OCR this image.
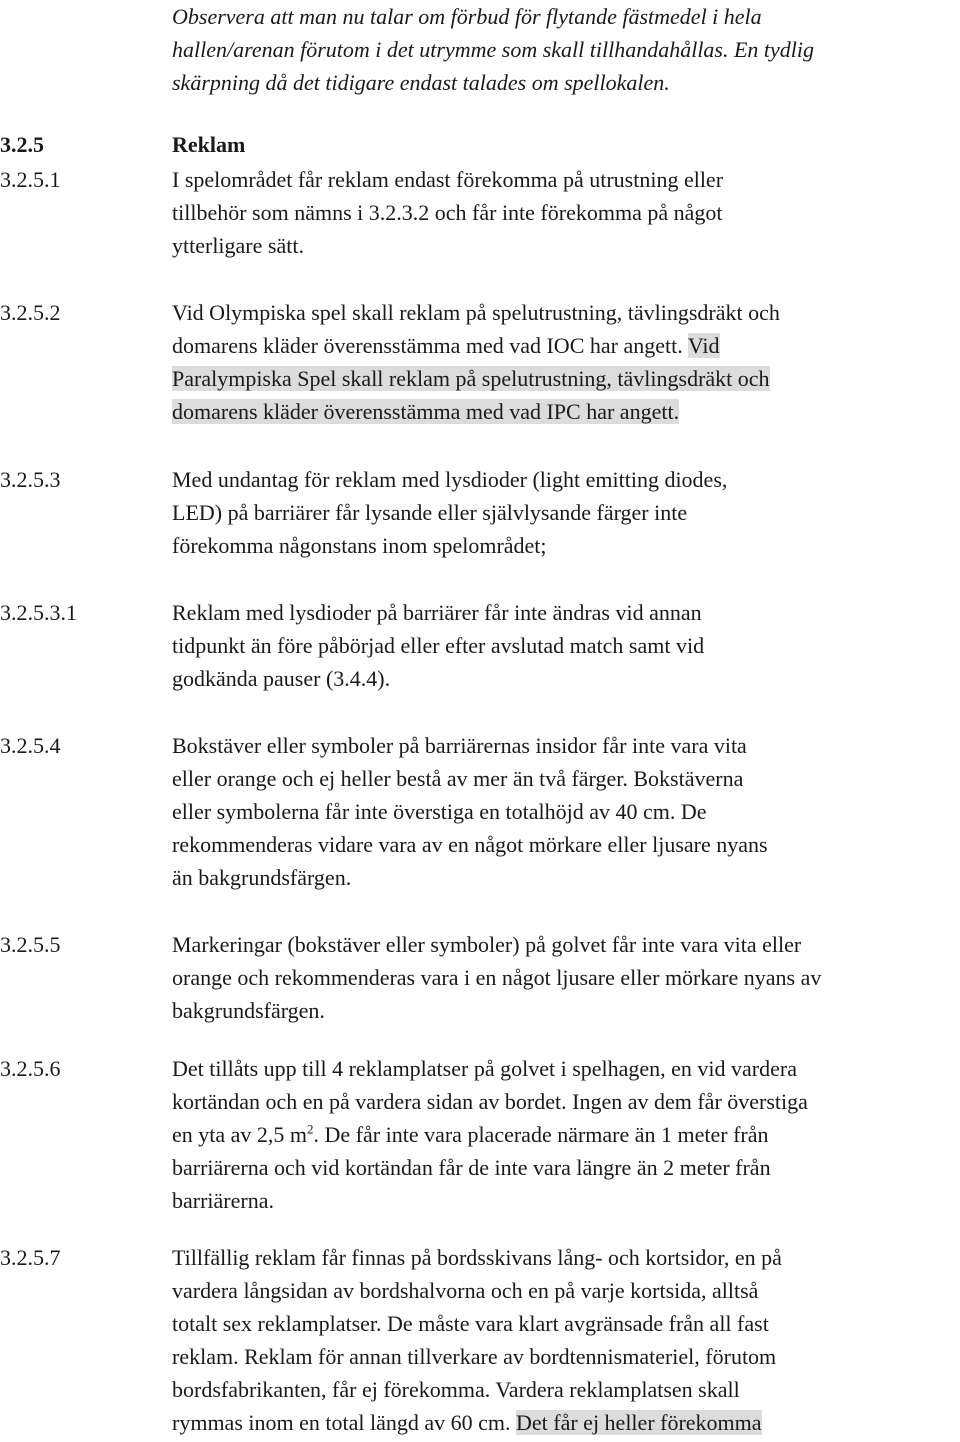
Observera att man nu talar om förbud för flytande fästmedel i hela
hallen/arenan förutom i det utrymme som skall tillhandahållas. En tydlig
skärpning då det tidigare endast talades om spellokalen.
3.2.5	Reklam
3.2.5.1	I spelområdet får reklam endast förekomma på utrustning eller
tillbehör som nämns i 3.2.3.2 och får inte förekomma på något
ytterligare sätt.
3.2.5.2	Vid Olympiska spel skall reklam på spelutrustning, tävlingsdräkt och
domarens kläder överensstämma med vad IOC har angett. Vid
Paralympiska Spel skall reklam på spelutrustning, tävlingsdräkt och
domarens kläder överensstämma med vad IPC har angett.
3.2.5.3	Med undantag för reklam med lysdioder (light emitting diodes,
LED) på barriärer får lysande eller självlysande färger inte
förekomma någonstans inom spelområdet;
3.2.5.3.1	Reklam med lysdioder på barriärer får inte ändras vid annan
tidpunkt än före påbörjad eller efter avslutad match samt vid
godkända pauser (3.4.4).
3.2.5.4	Bokstäver eller symboler på barriärernas insidor får inte vara vita
eller orange och ej heller bestå av mer än två färger. Bokstäverna
eller symbolerna får inte överstiga en totalhöjd av 40 cm. De
rekommenderas vidare vara av en något mörkare eller ljusare nyans
än bakgrundsfärgen.
3.2.5.5	Markeringar (bokstäver eller symboler) på golvet får inte vara vita eller
orange och rekommenderas vara i en något ljusare eller mörkare nyans av
bakgrundsfärgen.
3.2.5.6	Det tillåts upp till 4 reklamplatser på golvet i spelhagen, en vid vardera
kortändan och en på vardera sidan av bordet. Ingen av dem får överstiga
en yta av 2,5 $m^2$. De får inte vara placerade närmare än 1 meter från
barriärerna och vid kortändan får de inte vara längre än 2 meter från
barriärerna.
3.2.5.7	Tillfällig reklam får finnas på bordsskivans lång- och kortsidor, en på
vardera långsidan av bordshalvorna och en på varje kortsida, alltså
totalt sex reklamplatser. De måste vara klart avgränsade från all fast
reklam. Reklam för annan tillverkare av bordtennismateriel, förutom
bordsfabrikanten, får ej förekomma. Vardera reklamplatsen skall
rymmas inom en total längd av 60 cm. Det får ej heller förekomma
